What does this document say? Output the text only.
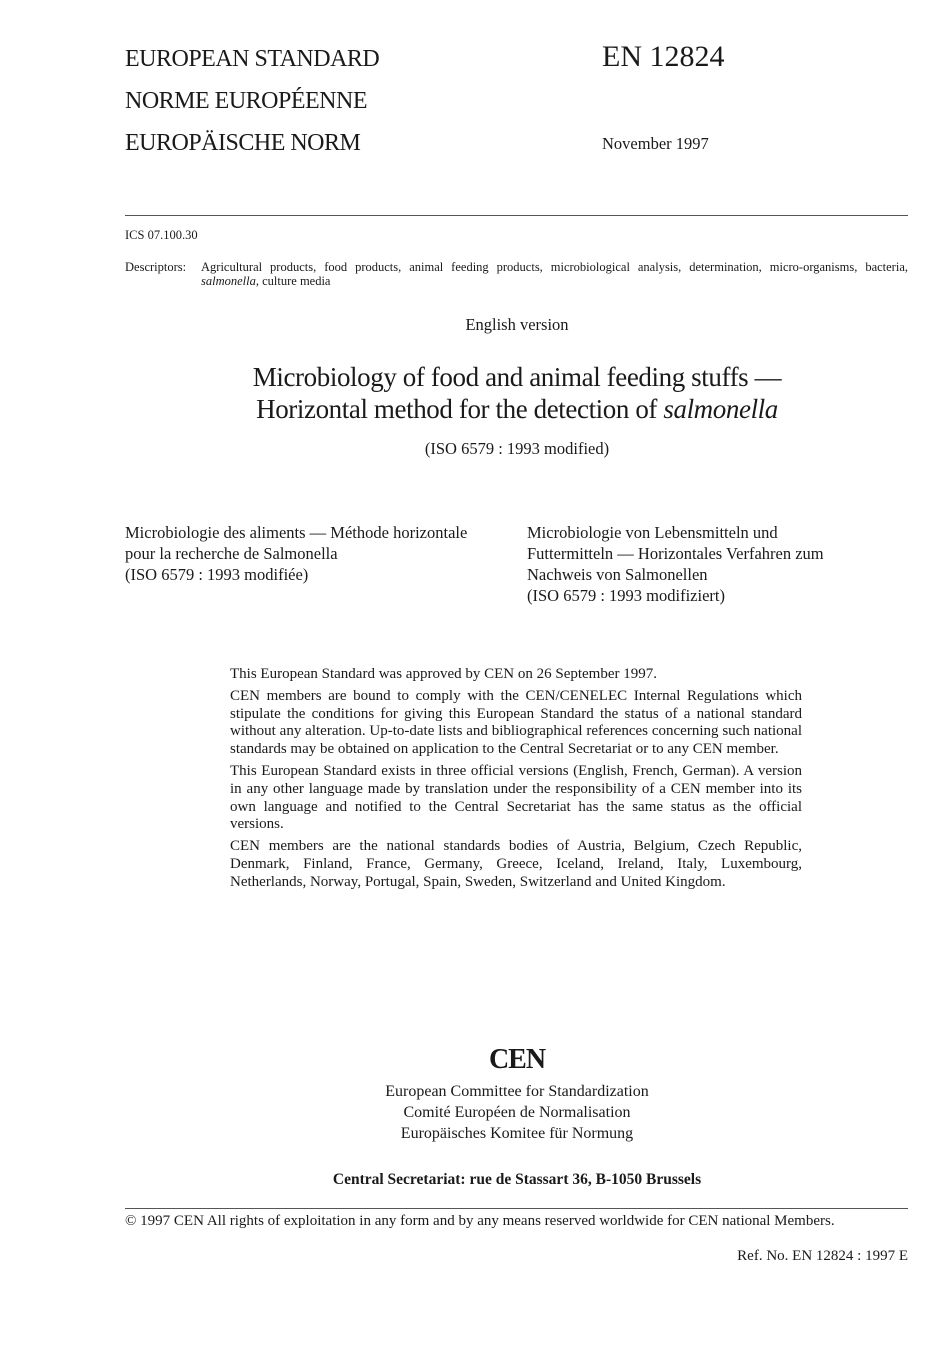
EUROPEAN STANDARD
NORME EUROPÉENNE
EUROPÄISCHE NORM
EN 12824
November 1997
ICS 07.100.30
Descriptors: Agricultural products, food products, animal feeding products, microbiological analysis, determination, micro-organisms, bacteria, salmonella, culture media
English version
Microbiology of food and animal feeding stuffs —
Horizontal method for the detection of salmonella
(ISO 6579 : 1993 modified)
Microbiologie des aliments — Méthode horizontale
pour la recherche de Salmonella
(ISO 6579 : 1993 modifiée)
Microbiologie von Lebensmitteln und
Futtermitteln — Horizontales Verfahren zum
Nachweis von Salmonellen
(ISO 6579 : 1993 modifiziert)

This European Standard was approved by CEN on 26 September 1997.

CEN members are bound to comply with the CEN/CENELEC Internal Regulations which stipulate the conditions for giving this European Standard the status of a national standard without any alteration. Up-to-date lists and bibliographical references concerning such national standards may be obtained on application to the Central Secretariat or to any CEN member.

This European Standard exists in three official versions (English, French, German). A version in any other language made by translation under the responsibility of a CEN member into its own language and notified to the Central Secretariat has the same status as the official versions.

CEN members are the national standards bodies of Austria, Belgium, Czech Republic, Denmark, Finland, France, Germany, Greece, Iceland, Ireland, Italy, Luxembourg, Netherlands, Norway, Portugal, Spain, Sweden, Switzerland and United Kingdom.

CEN
European Committee for Standardization
Comité Européen de Normalisation
Europäisches Komitee für Normung
Central Secretariat: rue de Stassart 36, B-1050 Brussels
© 1997 CEN All rights of exploitation in any form and by any means reserved worldwide for CEN national Members.
Ref. No. EN 12824 : 1997 E
